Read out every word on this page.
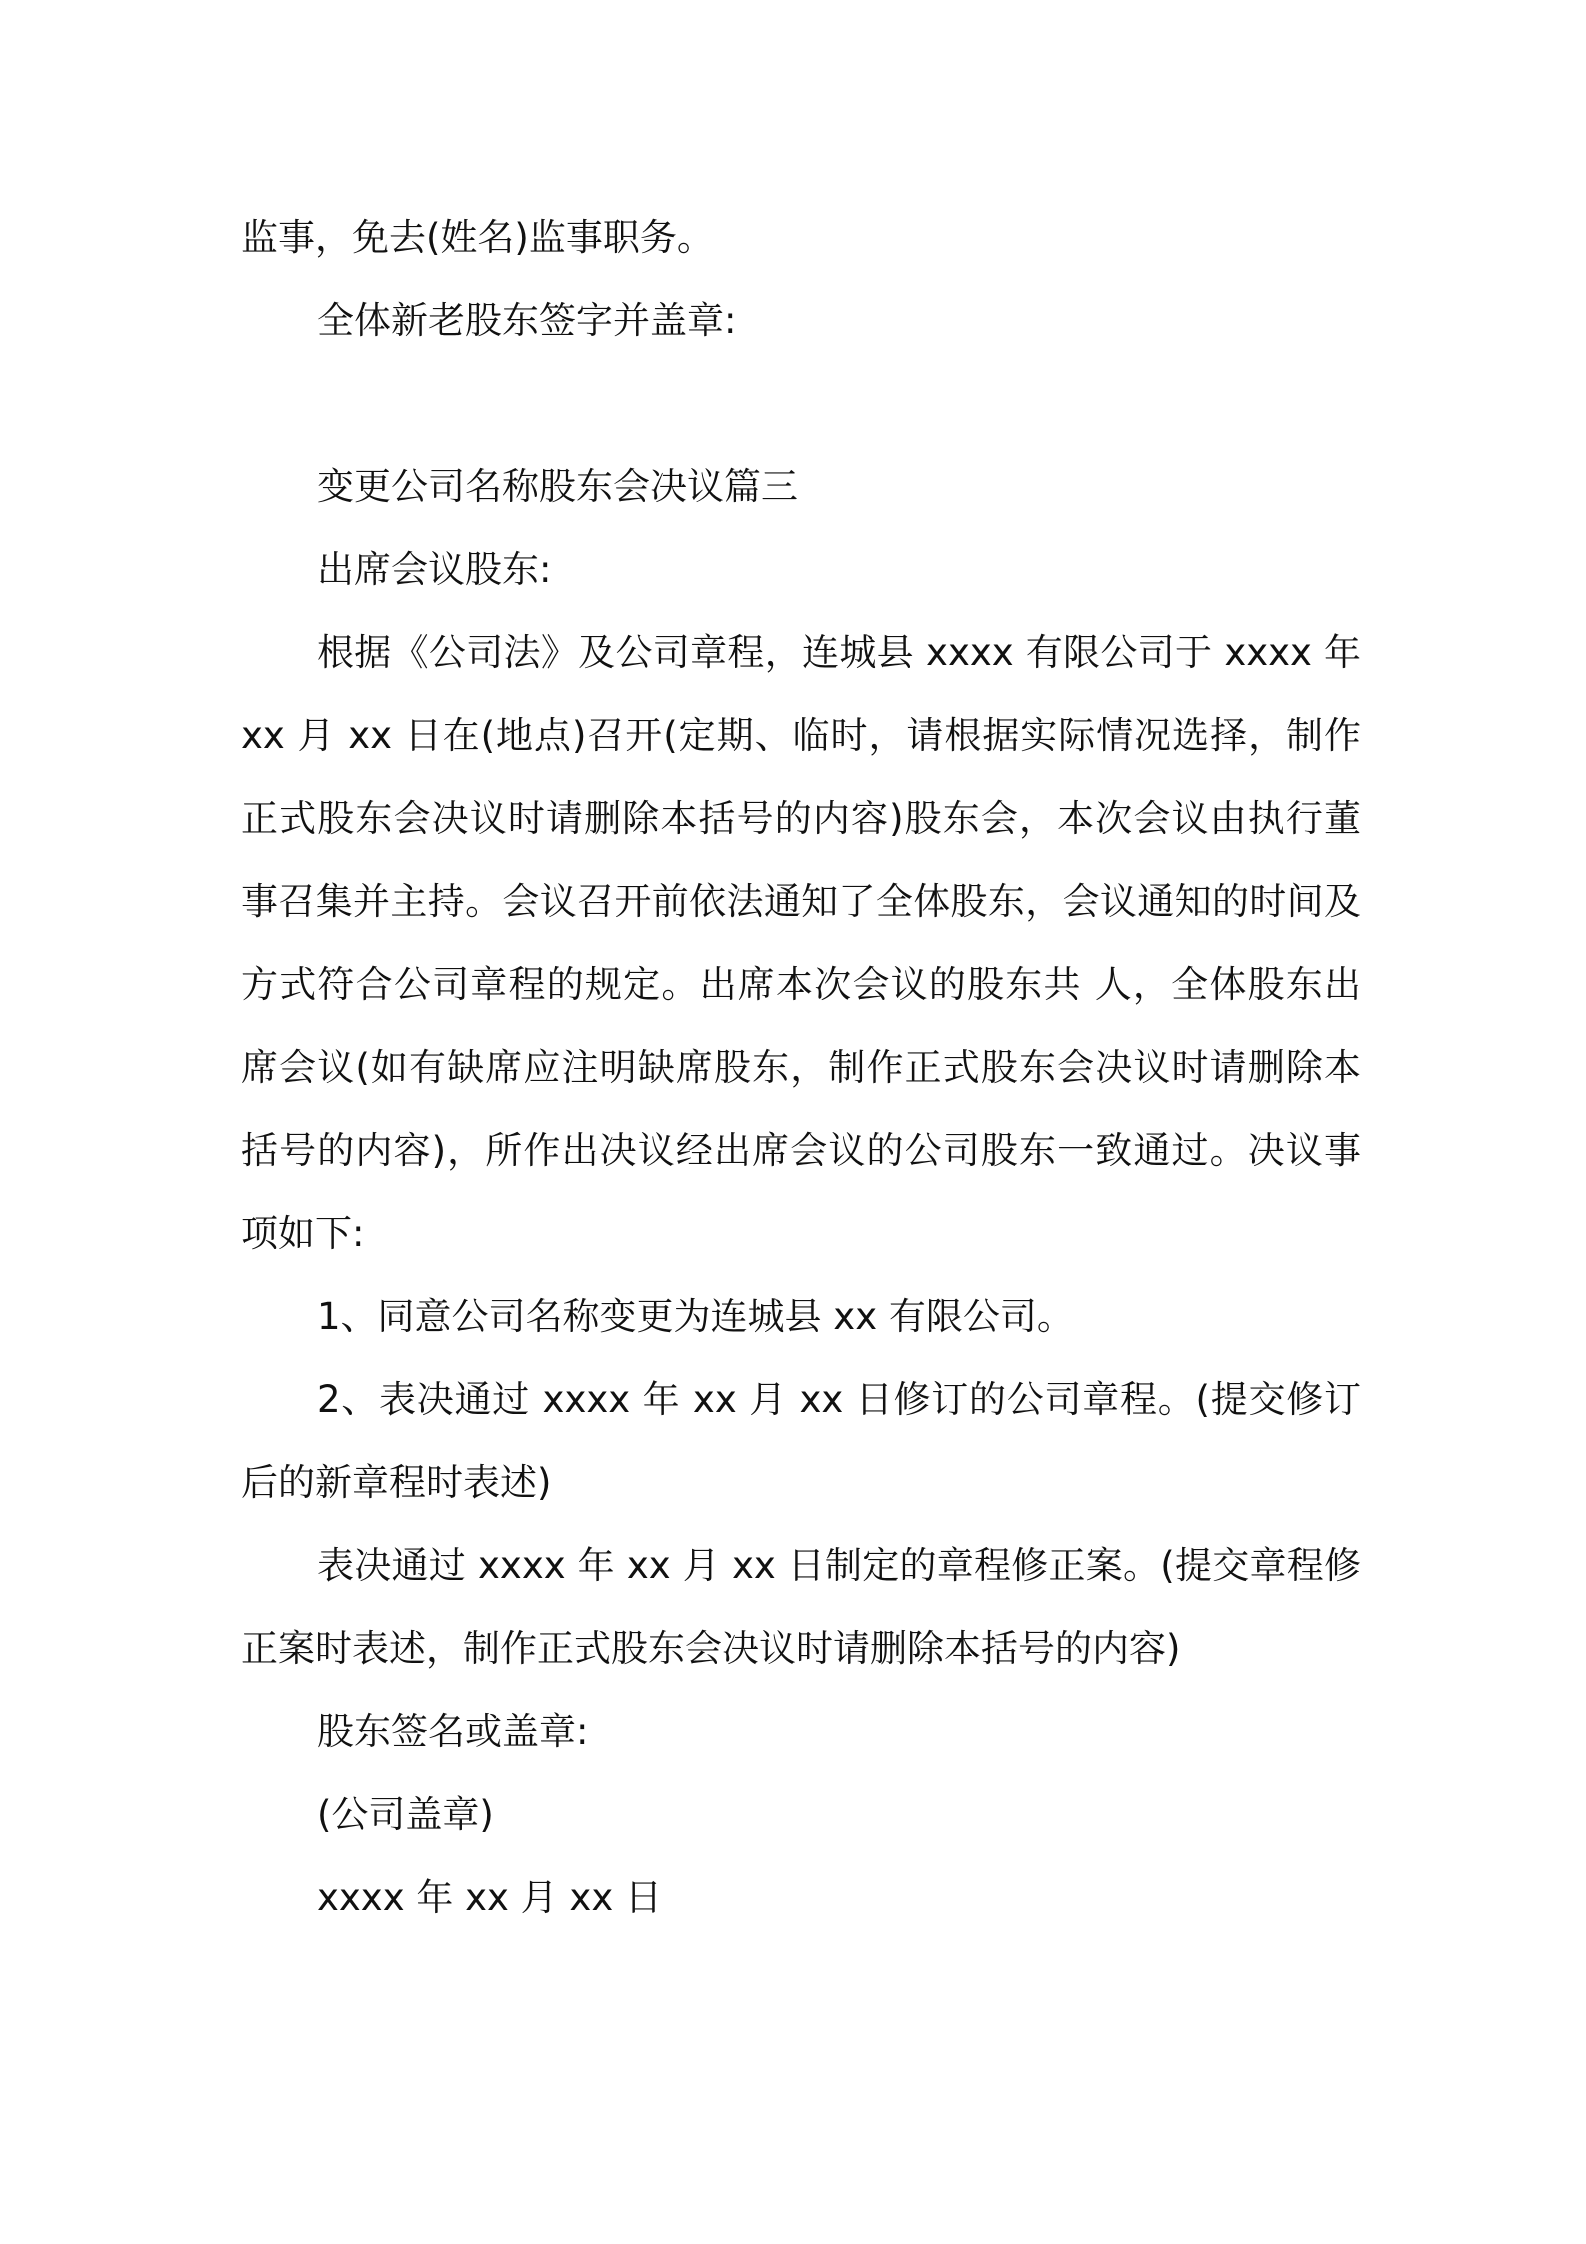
监事，免去(姓名)监事职务。

全体新老股东签字并盖章:

变更公司名称股东会决议篇三

出席会议股东:

根据《公司法》及公司章程，连城县 xxxx 有限公司于 xxxx 年 xx 月 xx 日在(地点)召开(定期、临时，请根据实际情况选择，制作正式股东会决议时请删除本括号的内容)股东会，本次会议由执行董事召集并主持。会议召开前依法通知了全体股东，会议通知的时间及方式符合公司章程的规定。出席本次会议的股东共 人，全体股东出席会议(如有缺席应注明缺席股东，制作正式股东会决议时请删除本括号的内容)，所作出决议经出席会议的公司股东一致通过。决议事项如下:

1、同意公司名称变更为连城县 xx 有限公司。

2、表决通过 xxxx 年 xx 月 xx 日修订的公司章程。(提交修订后的新章程时表述)

表决通过 xxxx 年 xx 月 xx 日制定的章程修正案。(提交章程修正案时表述，制作正式股东会决议时请删除本括号的内容)

股东签名或盖章:

(公司盖章)

xxxx 年 xx 月 xx 日
